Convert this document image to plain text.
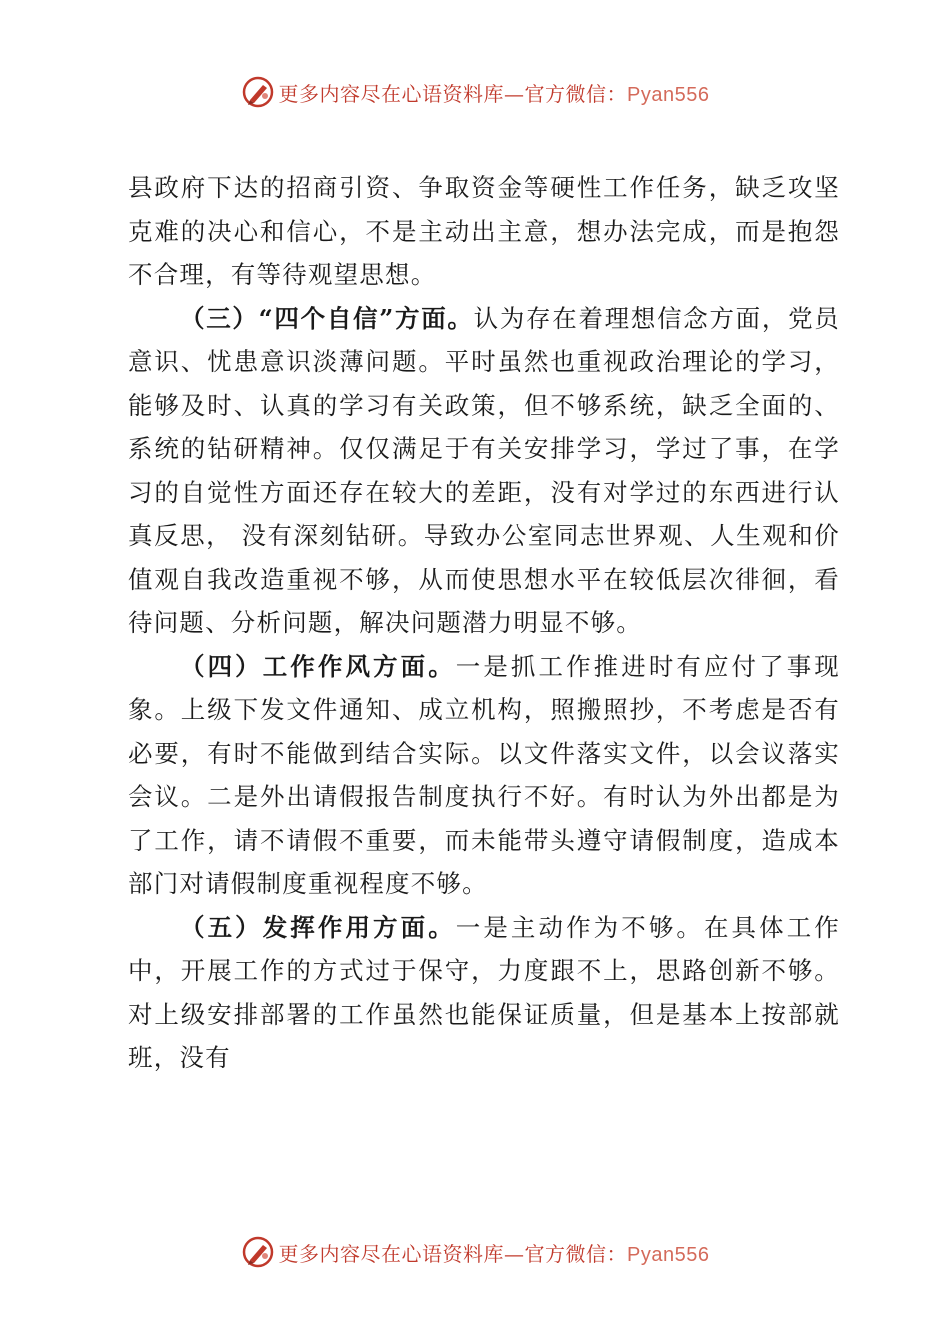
更多内容尽在心语资料库—官方微信：Pyan556

县政府下达的招商引资、争取资金等硬性工作任务，缺乏攻坚克难的决心和信心，不是主动出主意，想办法完成，而是抱怨不合理，有等待观望思想。

（三）“四个自信”方面。认为存在着理想信念方面，党员意识、忧患意识淡薄问题。平时虽然也重视政治理论的学习，能够及时、认真的学习有关政策，但不够系统，缺乏全面的、系统的钻研精神。仅仅满足于有关安排学习，学过了事，在学习的自觉性方面还存在较大的差距，没有对学过的东西进行认真反思， 没有深刻钻研。导致办公室同志世界观、人生观和价值观自我改造重视不够，从而使思想水平在较低层次徘徊，看待问题、分析问题，解决问题潜力明显不够。

（四）工作作风方面。一是抓工作推进时有应付了事现象。上级下发文件通知、成立机构，照搬照抄，不考虑是否有必要，有时不能做到结合实际。以文件落实文件，以会议落实会议。二是外出请假报告制度执行不好。有时认为外出都是为了工作，请不请假不重要，而未能带头遵守请假制度，造成本部门对请假制度重视程度不够。

（五）发挥作用方面。一是主动作为不够。在具体工作中，开展工作的方式过于保守，力度跟不上，思路创新不够。对上级安排部署的工作虽然也能保证质量，但是基本上按部就班，没有

更多内容尽在心语资料库—官方微信：Pyan556
